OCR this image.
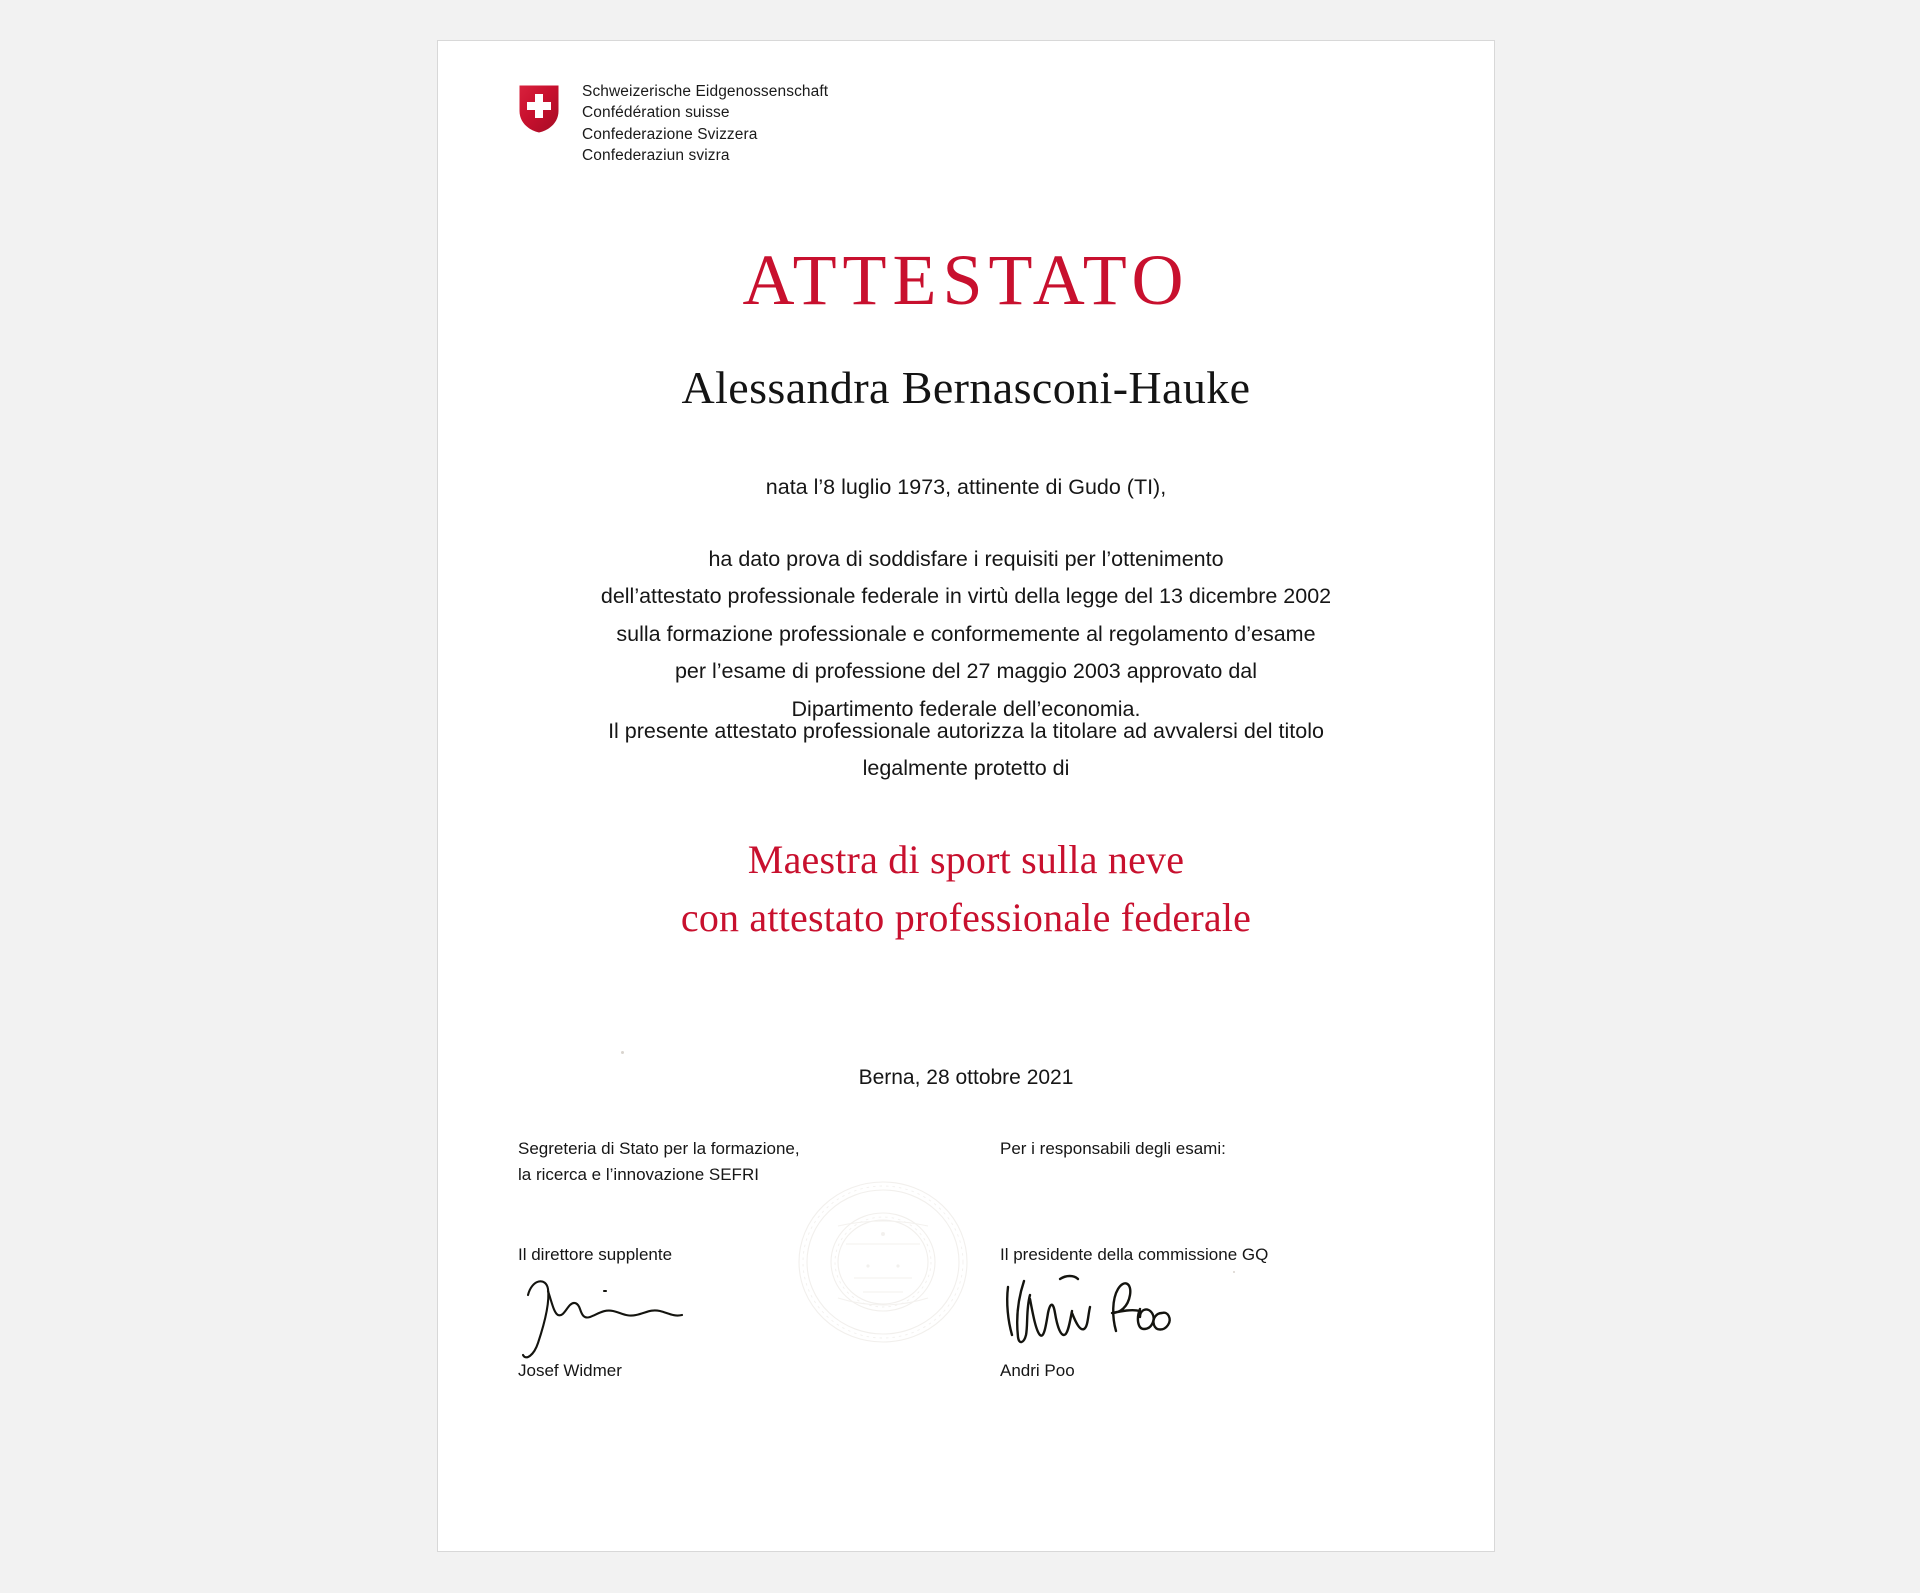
Schweizerische Eidgenossenschaft
Confédération suisse
Confederazione Svizzera
Confederaziun svizra
ATTESTATO
Alessandra Bernasconi-Hauke
nata l’8 luglio 1973, attinente di Gudo (TI),
ha dato prova di soddisfare i requisiti per l’ottenimento
dell’attestato professionale federale in virtù della legge del 13 dicembre 2002
sulla formazione professionale e conformemente al regolamento d’esame
per l’esame di professione del 27 maggio 2003 approvato dal
Dipartimento federale dell’economia.
Il presente attestato professionale autorizza la titolare ad avvalersi del titolo
legalmente protetto di
Maestra di sport sulla neve
con attestato professionale federale
Berna, 28 ottobre 2021
Segreteria di Stato per la formazione,
la ricerca e l’innovazione SEFRI
Il direttore supplente
Josef Widmer
Per i responsabili degli esami:

Il presidente della commissione GQ
Andri Poo
